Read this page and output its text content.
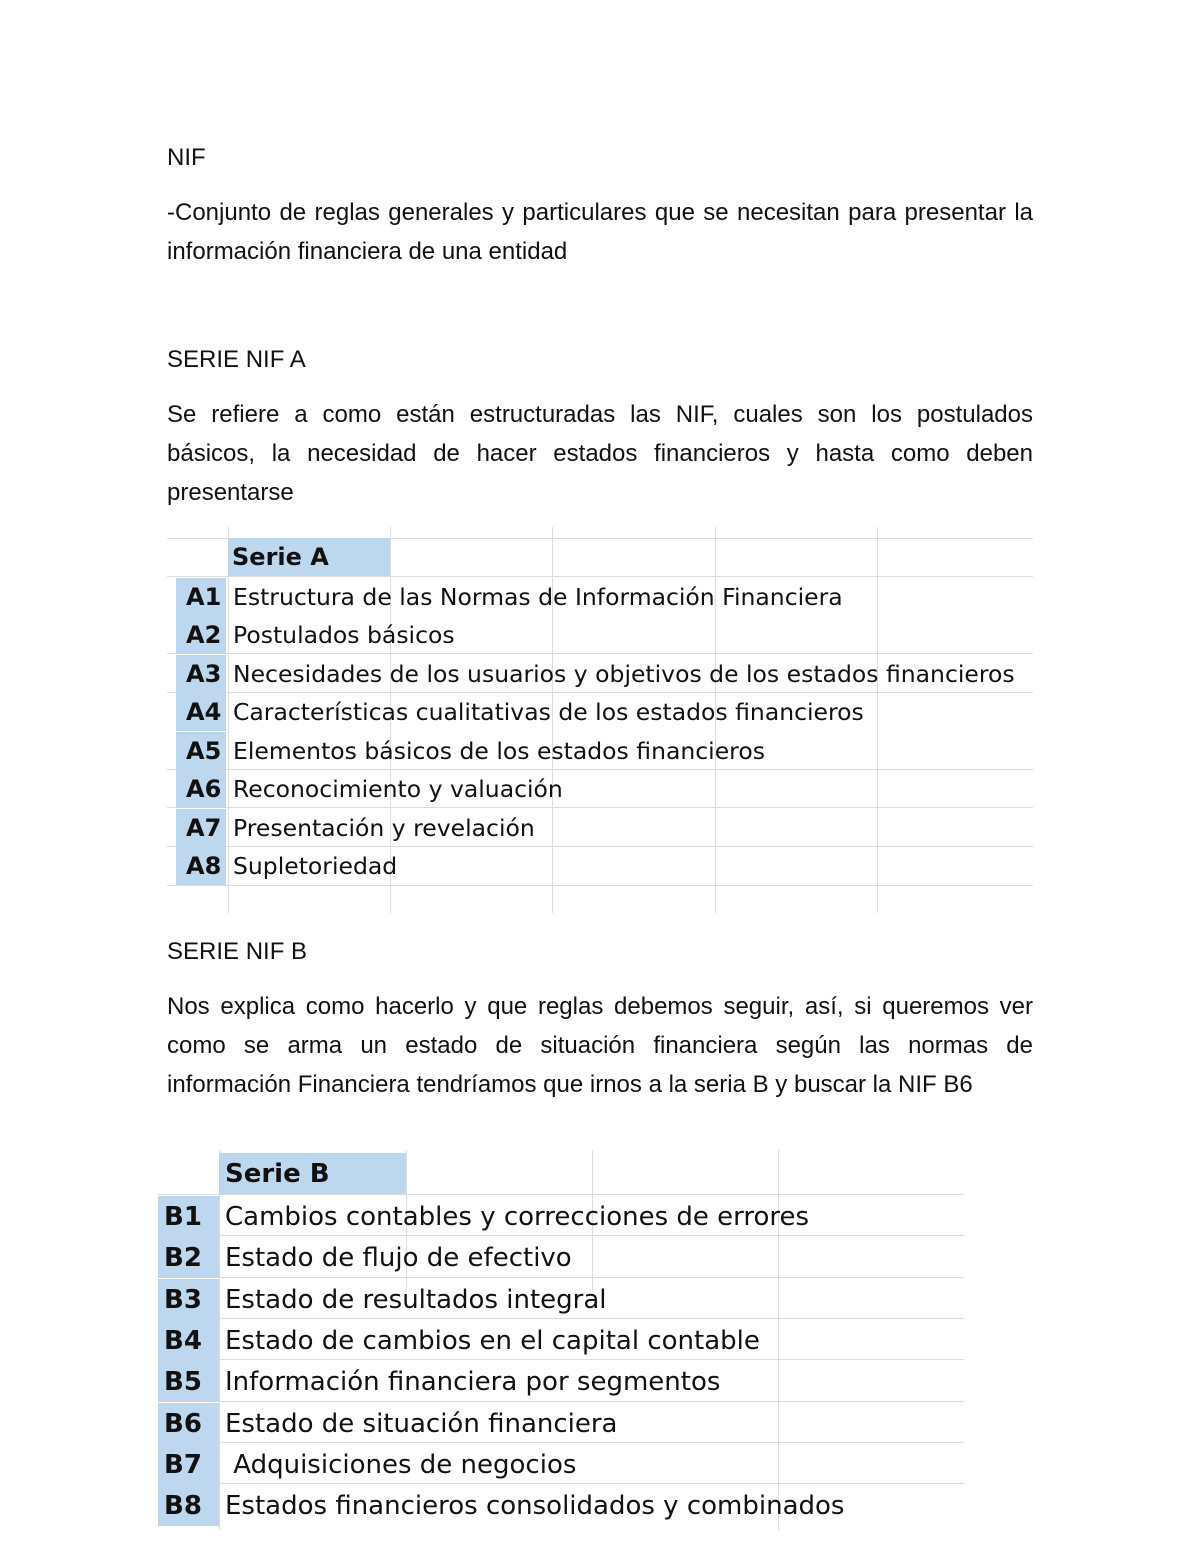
NIF

-Conjunto de reglas generales y particulares que se necesitan para presentar la información financiera de una entidad

SERIE NIF A

Se refiere a como están estructuradas las NIF, cuales son los postulados básicos, la necesidad de hacer estados financieros y hasta como deben presentarse

Serie A
A1 Estructura de las Normas de Información Financiera
A2 Postulados básicos
A3 Necesidades de los usuarios y objetivos de los estados financieros
A4 Características cualitativas de los estados financieros
A5 Elementos básicos de los estados financieros
A6 Reconocimiento y valuación
A7 Presentación y revelación
A8 Supletoriedad

SERIE NIF B

Nos explica como hacerlo y que reglas debemos seguir, así, si queremos ver como se arma un estado de situación financiera según las normas de información Financiera tendríamos que irnos a la seria B y buscar la NIF B6

Serie B
B1 Cambios contables y correcciones de errores
B2 Estado de flujo de efectivo
B3 Estado de resultados integral
B4 Estado de cambios en el capital contable
B5 Información financiera por segmentos
B6 Estado de situación financiera
B7 Adquisiciones de negocios
B8 Estados financieros consolidados y combinados
